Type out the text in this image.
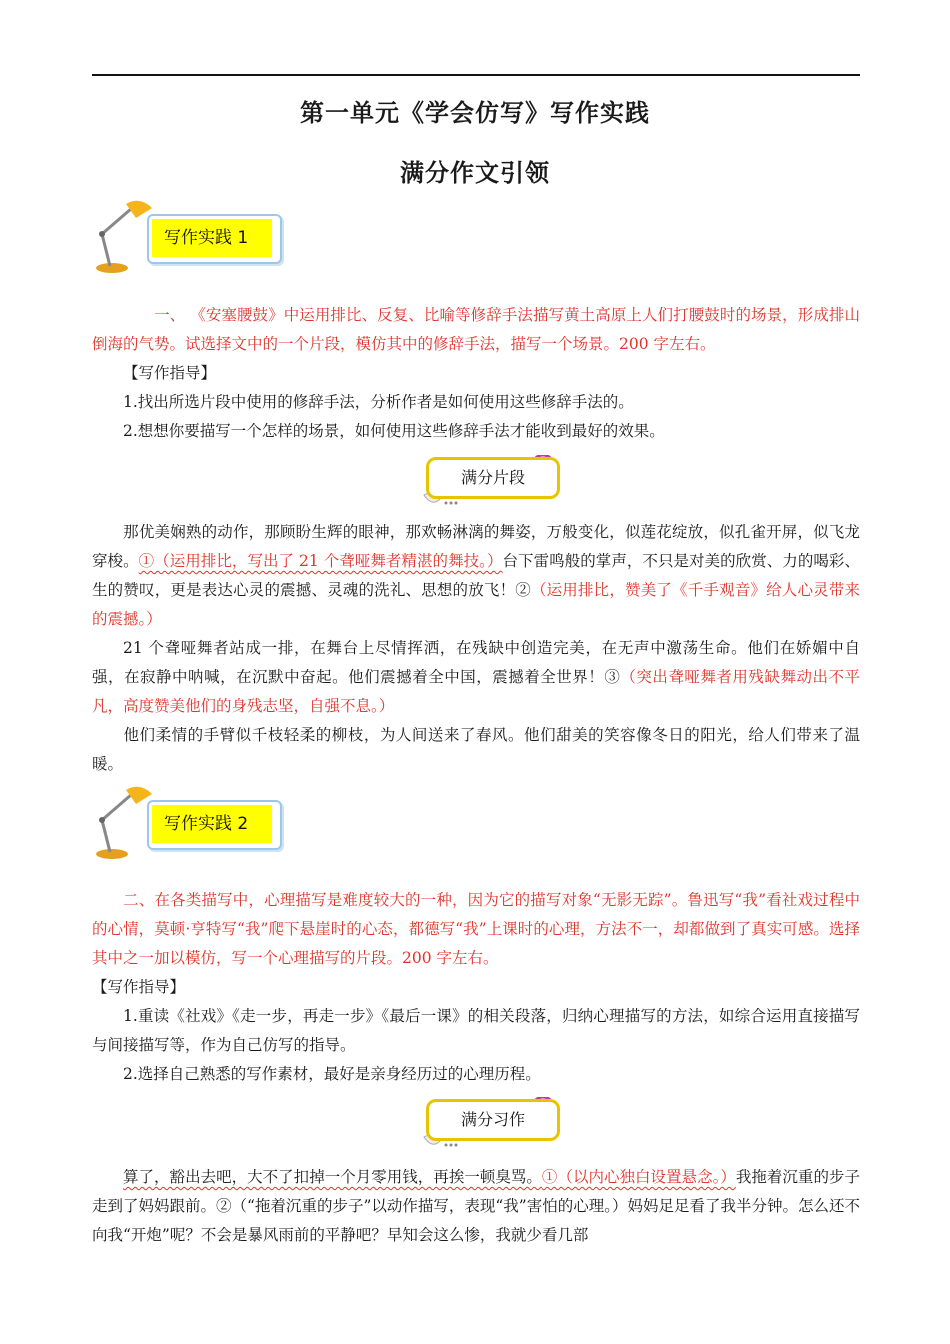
第一单元《学会仿写》写作实践
满分作文引领
写作实践 1
一、 《安塞腰鼓》中运用排比、反复、比喻等修辞手法描写黄土高原上人们打腰鼓时的场景，形成排山倒海的气势。试选择文中的一个片段，模仿其中的修辞手法，描写一个场景。200 字左右。
【写作指导】
1.找出所选片段中使用的修辞手法，分析作者是如何使用这些修辞手法的。
2.想想你要描写一个怎样的场景，如何使用这些修辞手法才能收到最好的效果。
满分片段
那优美娴熟的动作，那顾盼生辉的眼神，那欢畅淋漓的舞姿，万般变化，似莲花绽放，似孔雀开屏，似飞龙穿梭。①（运用排比，写出了 21 个聋哑舞者精湛的舞技。）台下雷鸣般的掌声，不只是对美的欣赏、力的喝彩、生的赞叹，更是表达心灵的震撼、灵魂的洗礼、思想的放飞！②（运用排比，赞美了《千手观音》给人心灵带来的震撼。）
21 个聋哑舞者站成一排，在舞台上尽情挥洒，在残缺中创造完美，在无声中激荡生命。他们在娇媚中自强，在寂静中呐喊，在沉默中奋起。他们震撼着全中国，震撼着全世界！③（突出聋哑舞者用残缺舞动出不平凡，高度赞美他们的身残志坚，自强不息。）
他们柔情的手臂似千枝轻柔的柳枝，为人间送来了春风。他们甜美的笑容像冬日的阳光，给人们带来了温暖。
写作实践 2
二、在各类描写中，心理描写是难度较大的一种，因为它的描写对象“无影无踪”。鲁迅写“我”看社戏过程中的心情，莫顿·亨特写“我”爬下悬崖时的心态，都德写“我”上课时的心理，方法不一，却都做到了真实可感。选择其中之一加以模仿，写一个心理描写的片段。200 字左右。
【写作指导】
1.重读《社戏》《走一步，再走一步》《最后一课》的相关段落，归纳心理描写的方法，如综合运用直接描写与间接描写等，作为自己仿写的指导。
2.选择自己熟悉的写作素材，最好是亲身经历过的心理历程。
满分习作
算了，豁出去吧，大不了扣掉一个月零用钱，再挨一顿臭骂。①（以内心独白设置悬念。）我拖着沉重的步子走到了妈妈跟前。②（“拖着沉重的步子”以动作描写，表现“我”害怕的心理。）妈妈足足看了我半分钟。怎么还不向我“开炮”呢？不会是暴风雨前的平静吧？早知会这么惨，我就少看几部
